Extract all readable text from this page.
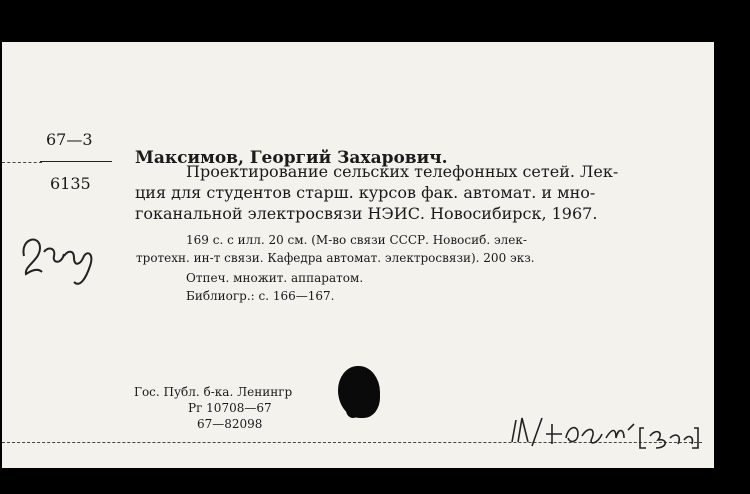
67—3
6135
Максимов, Георгий Захарович.
Проектирование сельских телефонных сетей. Лек-
ция для студентов старш. курсов фак. автомат. и мно-
гоканальной электросвязи НЭИС. Новосибирск, 1967.
169 с. с илл. 20 см. (М-во связи СССР. Новосиб. элек-
тротехн. ин-т связи. Кафедра автомат. электросвязи). 200 экз.
Отпеч. множит. аппаратом.
Библиогр.: с. 166—167.
Гос. Публ. б-ка. Ленингр
Рг 10708—67
67—82098
